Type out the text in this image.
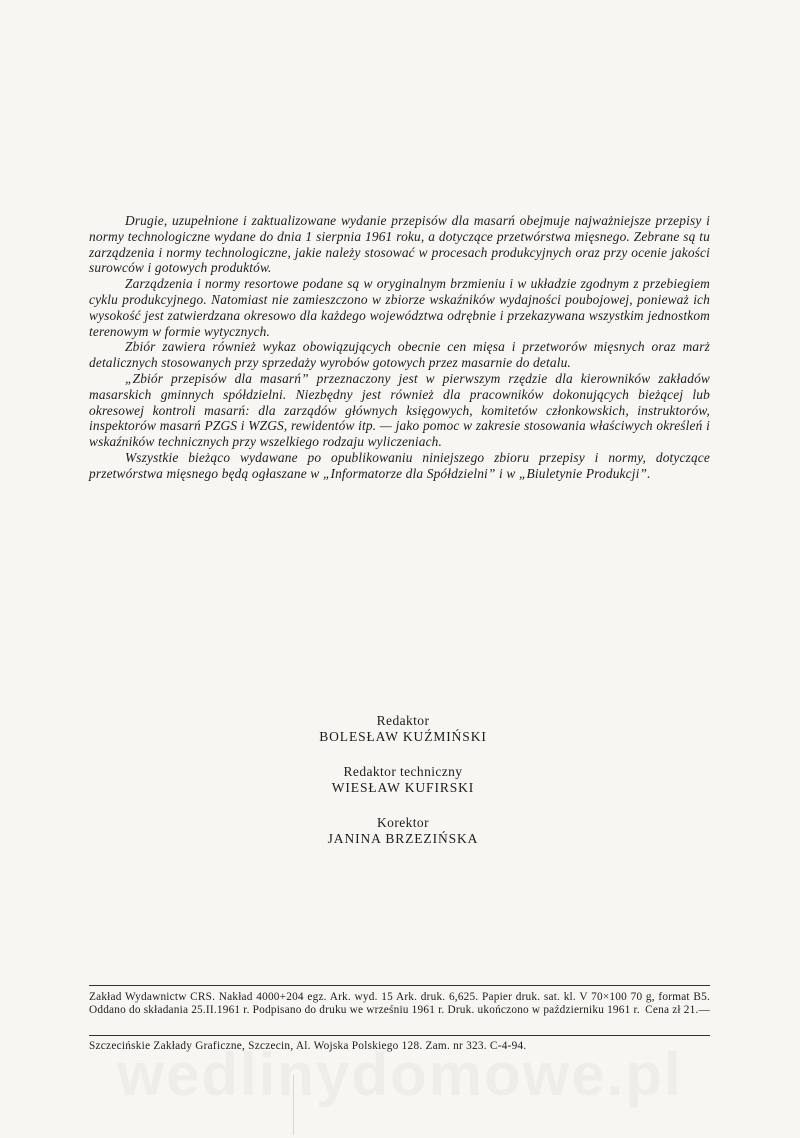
Drugie, uzupełnione i zaktualizowane wydanie przepisów dla masarń obejmuje najważniejsze przepisy i normy technologiczne wydane do dnia 1 sierpnia 1961 roku, a dotyczące przetwórstwa mięsnego. Zebrane są tu zarządzenia i normy technologiczne, jakie należy stosować w procesach produkcyjnych oraz przy ocenie jakości surowców i gotowych produktów.

Zarządzenia i normy resortowe podane są w oryginalnym brzmieniu i w układzie zgodnym z przebiegiem cyklu produkcyjnego. Natomiast nie zamieszczono w zbiorze wskaźników wydajności poubojowej, ponieważ ich wysokość jest zatwierdzana okresowo dla każdego województwa odrębnie i przekazywana wszystkim jednostkom terenowym w formie wytycznych.

Zbiór zawiera również wykaz obowiązujących obecnie cen mięsa i przetworów mięsnych oraz marż detalicznych stosowanych przy sprzedaży wyrobów gotowych przez masarnie do detalu.

„Zbiór przepisów dla masarń” przeznaczony jest w pierwszym rzędzie dla kierowników zakładów masarskich gminnych spółdzielni. Niezbędny jest również dla pracowników dokonujących bieżącej lub okresowej kontroli masarń: dla zarządów głównych księgowych, komitetów członkowskich, instruktorów, inspektorów masarń PZGS i WZGS, rewidentów itp. — jako pomoc w zakresie stosowania właściwych określeń i wskaźników technicznych przy wszelkiego rodzaju wyliczeniach.

Wszystkie bieżąco wydawane po opublikowaniu niniejszego zbioru przepisy i normy, dotyczące przetwórstwa mięsnego będą ogłaszane w „Informatorze dla Spółdzielni” i w „Biuletynie Produkcji”.

Redaktor
BOLESŁAW KUŹMIŃSKI
Redaktor techniczny
WIESŁAW KUFIRSKI
Korektor
JANINA BRZEZIŃSKA
Zakład Wydawnictw CRS. Nakład 4000+204 egz. Ark. wyd. 15 Ark. druk. 6,625. Papier druk. sat. kl. V 70×100 70 g, format B5. Oddano do składania 25.II.1961 r. Podpisano do druku we wrześniu 1961 r. Druk. ukończono w październiku 1961 r. Cena zł 21.—
Szczecińskie Zakłady Graficzne, Szczecin, Al. Wojska Polskiego 128. Zam. nr 323. C-4-94.
